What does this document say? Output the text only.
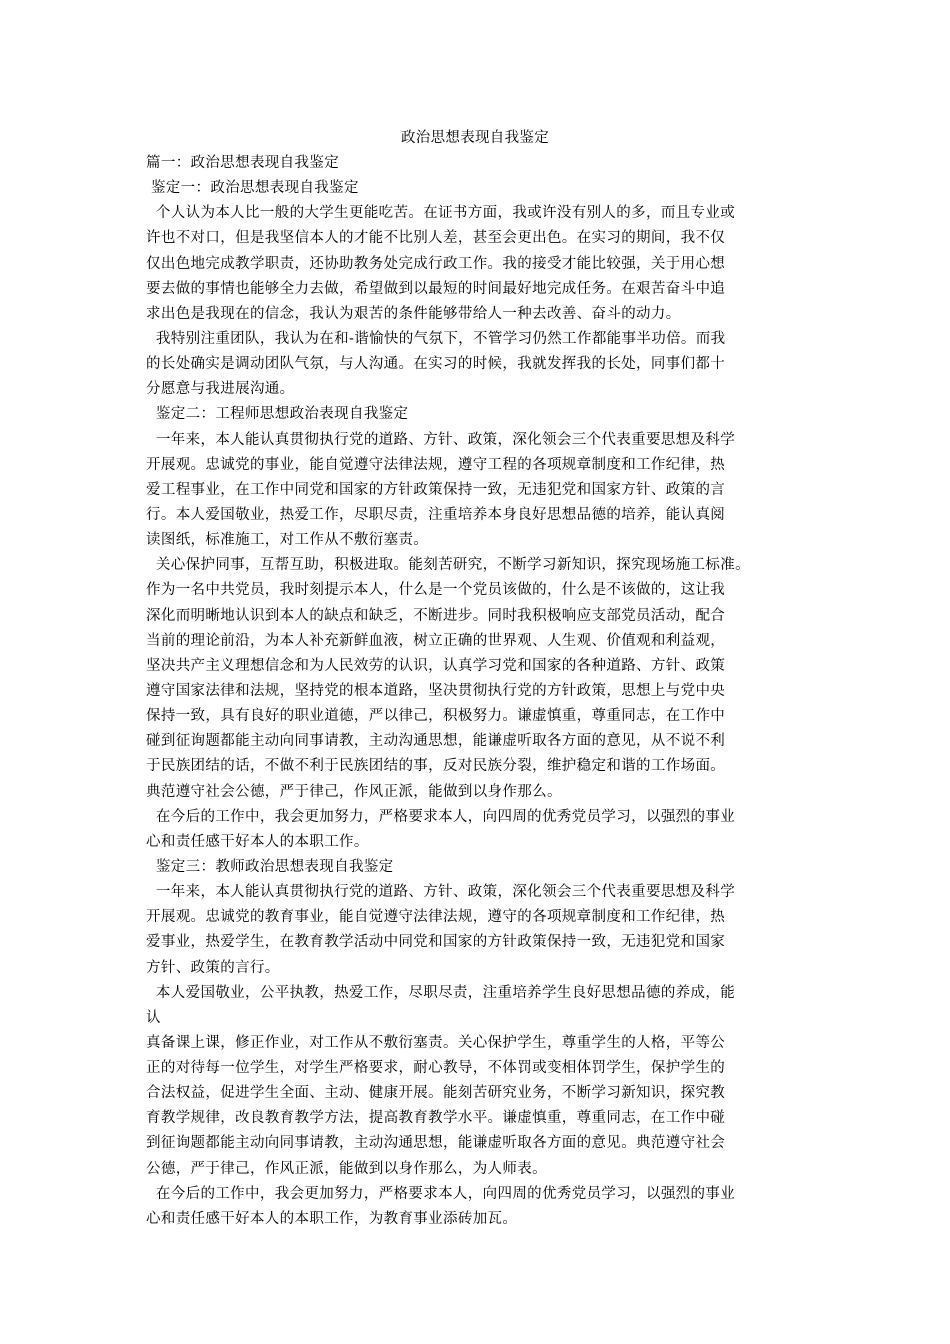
政治思想表现自我鉴定

篇一：政治思想表现自我鉴定

鉴定一：政治思想表现自我鉴定

个人认为本人比一般的大学生更能吃苦。在证书方面，我或许没有别人的多，而且专业或

许也不对口，但是我坚信本人的才能不比别人差，甚至会更出色。在实习的期间，我不仅

仅出色地完成教学职责，还协助教务处完成行政工作。我的接受才能比较强，关于用心想

要去做的事情也能够全力去做，希望做到以最短的时间最好地完成任务。在艰苦奋斗中追

求出色是我现在的信念，我认为艰苦的条件能够带给人一种去改善、奋斗的动力。

我特别注重团队，我认为在和-谐愉快的气氛下，不管学习仍然工作都能事半功倍。而我

的长处确实是调动团队气氛，与人沟通。在实习的时候，我就发挥我的长处，同事们都十

分愿意与我进展沟通。

鉴定二：工程师思想政治表现自我鉴定

一年来，本人能认真贯彻执行党的道路、方针、政策，深化领会三个代表重要思想及科学

开展观。忠诚党的事业，能自觉遵守法律法规，遵守工程的各项规章制度和工作纪律，热

爱工程事业，在工作中同党和国家的方针政策保持一致，无违犯党和国家方针、政策的言

行。本人爱国敬业，热爱工作，尽职尽责，注重培养本身良好思想品德的培养，能认真阅

读图纸，标准施工，对工作从不敷衍塞责。

关心保护同事，互帮互助，积极进取。能刻苦研究，不断学习新知识，探究现场施工标准。

作为一名中共党员，我时刻提示本人，什么是一个党员该做的，什么是不该做的，这让我

深化而明晰地认识到本人的缺点和缺乏，不断进步。同时我积极响应支部党员活动，配合

当前的理论前沿，为本人补充新鲜血液，树立正确的世界观、人生观、价值观和利益观，

坚决共产主义理想信念和为人民效劳的认识，认真学习党和国家的各种道路、方针、政策

遵守国家法律和法规，坚持党的根本道路，坚决贯彻执行党的方针政策，思想上与党中央

保持一致，具有良好的职业道德，严以律己，积极努力。谦虚慎重，尊重同志，在工作中

碰到征询题都能主动向同事请教，主动沟通思想，能谦虚听取各方面的意见，从不说不利

于民族团结的话，不做不利于民族团结的事，反对民族分裂，维护稳定和谐的工作场面。

典范遵守社会公德，严于律己，作风正派，能做到以身作那么。

在今后的工作中，我会更加努力，严格要求本人，向四周的优秀党员学习，以强烈的事业

心和责任感干好本人的本职工作。

鉴定三：教师政治思想表现自我鉴定

一年来，本人能认真贯彻执行党的道路、方针、政策，深化领会三个代表重要思想及科学

开展观。忠诚党的教育事业，能自觉遵守法律法规，遵守的各项规章制度和工作纪律，热

爱事业，热爱学生，在教育教学活动中同党和国家的方针政策保持一致，无违犯党和国家

方针、政策的言行。

本人爱国敬业，公平执教，热爱工作，尽职尽责，注重培养学生良好思想品德的养成，能

认

真备课上课，修正作业，对工作从不敷衍塞责。关心保护学生，尊重学生的人格，平等公

正的对待每一位学生，对学生严格要求，耐心教导，不体罚或变相体罚学生，保护学生的

合法权益，促进学生全面、主动、健康开展。能刻苦研究业务，不断学习新知识，探究教

育教学规律，改良教育教学方法，提高教育教学水平。谦虚慎重，尊重同志，在工作中碰

到征询题都能主动向同事请教，主动沟通思想，能谦虚听取各方面的意见。典范遵守社会

公德，严于律己，作风正派，能做到以身作那么，为人师表。

在今后的工作中，我会更加努力，严格要求本人，向四周的优秀党员学习，以强烈的事业

心和责任感干好本人的本职工作，为教育事业添砖加瓦。
